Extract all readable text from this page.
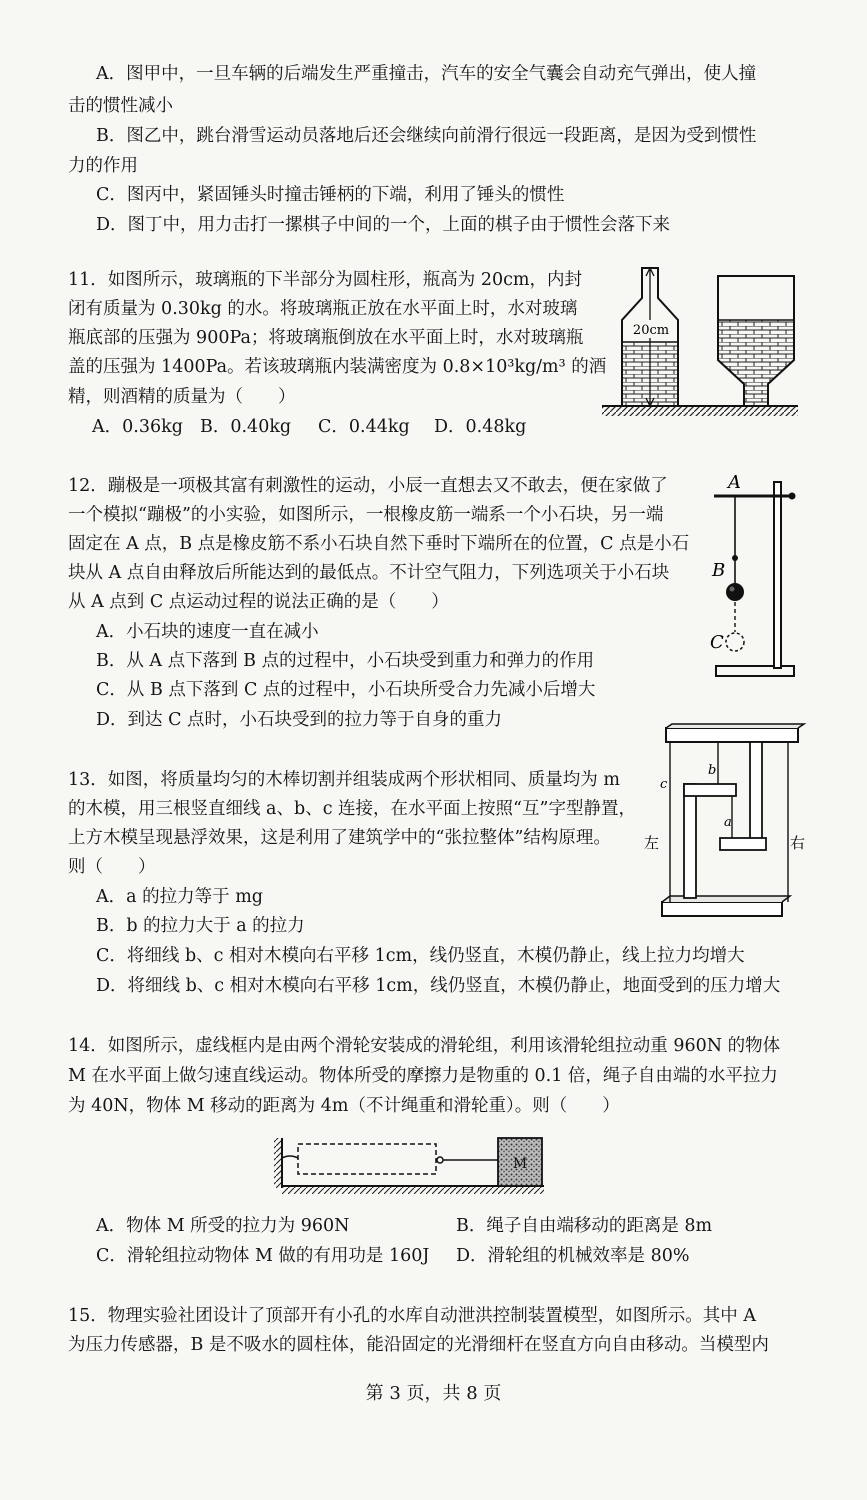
A．图甲中，一旦车辆的后端发生严重撞击，汽车的安全气囊会自动充气弹出，使人撞
击的惯性减小
B．图乙中，跳台滑雪运动员落地后还会继续向前滑行很远一段距离，是因为受到惯性
力的作用
C．图丙中，紧固锤头时撞击锤柄的下端，利用了锤头的惯性
D．图丁中，用力击打一摞棋子中间的一个，上面的棋子由于惯性会落下来
11．如图所示，玻璃瓶的下半部分为圆柱形，瓶高为 20cm，内封
闭有质量为 0.30kg 的水。将玻璃瓶正放在水平面上时，水对玻璃
瓶底部的压强为 900Pa；将玻璃瓶倒放在水平面上时，水对玻璃瓶
盖的压强为 1400Pa。若该玻璃瓶内装满密度为 0.8×10³kg/m³ 的酒
精，则酒精的质量为（　　）
A．0.36kg B．0.40kg C．0.44kg D．0.48kg
20cm
12．蹦极是一项极其富有刺激性的运动，小辰一直想去又不敢去，便在家做了
一个模拟“蹦极”的小实验，如图所示，一根橡皮筋一端系一个小石块，另一端
固定在 A 点，B 点是橡皮筋不系小石块自然下垂时下端所在的位置，C 点是小石
块从 A 点自由释放后所能达到的最低点。不计空气阻力，下列选项关于小石块
从 A 点到 C 点运动过程的说法正确的是（　　）
A．小石块的速度一直在减小
B．从 A 点下落到 B 点的过程中，小石块受到重力和弹力的作用
C．从 B 点下落到 C 点的过程中，小石块所受合力先减小后增大
D．到达 C 点时，小石块受到的拉力等于自身的重力
A
B
C
13．如图，将质量均匀的木棒切割并组装成两个形状相同、质量均为 m
的木模，用三根竖直细线 a、b、c 连接，在水平面上按照“互”字型静置，
上方木模呈现悬浮效果，这是利用了建筑学中的“张拉整体”结构原理。
则（　　）
A．a 的拉力等于 mg
B．b 的拉力大于 a 的拉力
C．将细线 b、c 相对木模向右平移 1cm，线仍竖直，木模仍静止，线上拉力均增大
D．将细线 b、c 相对木模向右平移 1cm，线仍竖直，木模仍静止，地面受到的压力增大
c
b
a
左	右
14．如图所示，虚线框内是由两个滑轮安装成的滑轮组，利用该滑轮组拉动重 960N 的物体
M 在水平面上做匀速直线运动。物体所受的摩擦力是物重的 0.1 倍，绳子自由端的水平拉力
为 40N，物体 M 移动的距离为 4m（不计绳重和滑轮重）。则（　　）
M
A．物体 M 所受的拉力为 960N	B．绳子自由端移动的距离是 8m
C．滑轮组拉动物体 M 做的有用功是 160J D．滑轮组的机械效率是 80%
15．物理实验社团设计了顶部开有小孔的水库自动泄洪控制装置模型，如图所示。其中 A
为压力传感器，B 是不吸水的圆柱体，能沿固定的光滑细杆在竖直方向自由移动。当模型内
第 3 页，共 8 页
